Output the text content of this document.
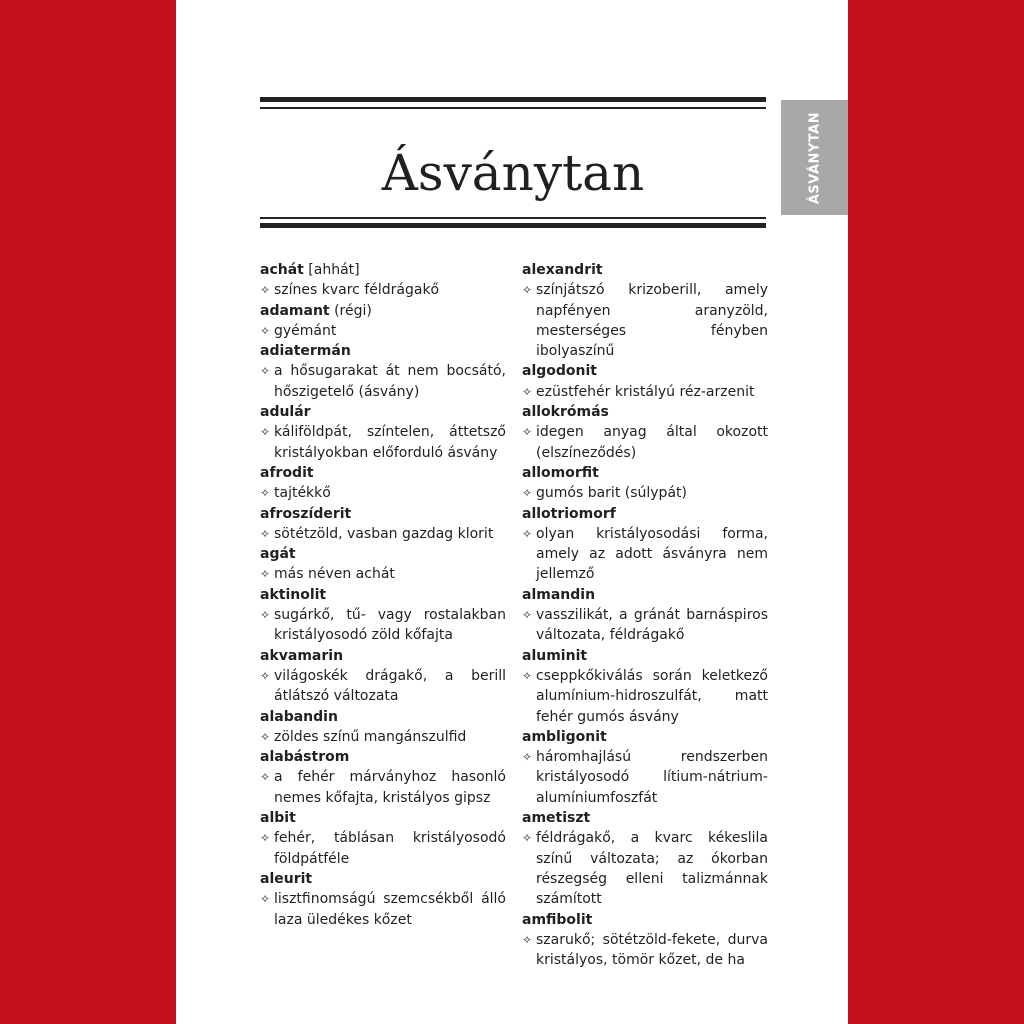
Ásványtan
achát [ahhát]
✧ színes kvarc féldrágakő
adamant (régi)
✧ gyémánt
adiatermán
✧ a hősugarakat át nem bocsátó, hőszigetelő (ásvány)
adulár
✧ káliföldpát, színtelen, áttetsző kristályokban előforduló ásvány
afrodit
✧ tajtékkő
afroszíderit
✧ sötétzöld, vasban gazdag klorit
agát
✧ más néven achát
aktinolit
✧ sugárkő, tű- vagy rostalakban kristályosodó zöld kőfajta
akvamarin
✧ világoskék drágakő, a berill átlátszó változata
alabandin
✧ zöldes színű mangánszulfid
alabástrom
✧ a fehér márványhoz hasonló nemes kőfajta, kristályos gipsz
albit
✧ fehér, táblásan kristályosodó földpátféle
aleurit
✧ lisztfinomságú szemcsékből álló laza üledékes kőzet
alexandrit
✧ színjátszó krizoberill, amely napfényen aranyzöld, mesterséges fényben ibolyaszínű
algodonit
✧ ezüstfehér kristályú réz-arzenit
allokrómás
✧ idegen anyag által okozott (elszíneződés)
allomorfit
✧ gumós barit (súlypát)
allotriomorf
✧ olyan kristályosodási forma, amely az adott ásványra nem jellemző
almandin
✧ vasszilikát, a gránát barnáspiros változata, féldrágakő
aluminit
✧ cseppkőkiválás során keletkező alumínium-hidroszulfát, matt fehér gumós ásvány
ambligonit
✧ háromhajlású rendszerben kristályosodó lítium-nátrium-alumíniumfoszfát
ametiszt
✧ féldrágakő, a kvarc kékeslila színű változata; az ókorban részegség elleni talizmánnak számított
amfibolit
✧ szarukő; sötétzöld-fekete, durva kristályos, tömör kőzet, de ha
ÁSVÁNYTAN
